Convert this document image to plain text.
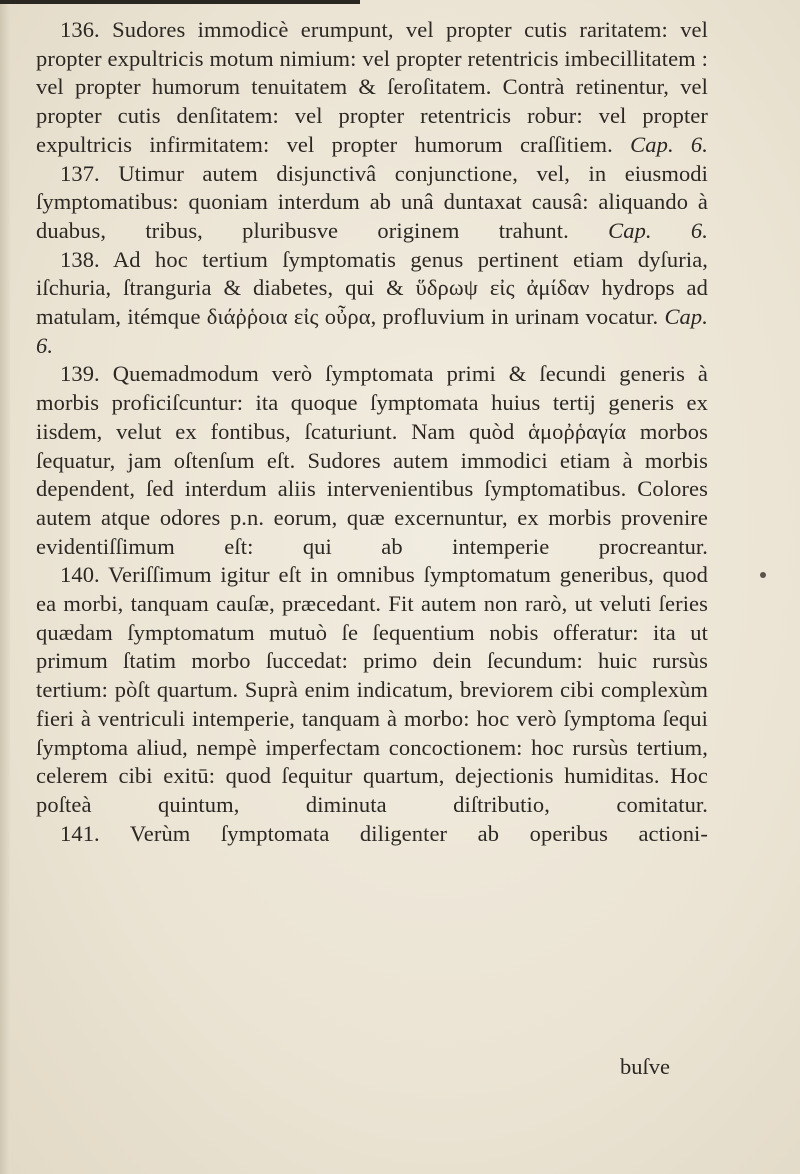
136. Sudores immodicè erumpunt, vel propter cutis raritatem: vel propter expultricis motum nimium: vel propter retentricis imbecillitatem : vel propter humorum tenuitatem & ſeroſitatem. Contrà retinentur, vel propter cutis denſitatem: vel propter retentricis robur: vel propter expultricis infirmitatem: vel propter humorum craſſitiem. Cap. 6.

137. Utimur autem disjunctivâ conjunctione, vel, in eiusmodi ſymptomatibus: quoniam interdum ab unâ duntaxat causâ: aliquando à duabus, tribus, pluribusve originem trahunt. Cap. 6.

138. Ad hoc tertium ſymptomatis genus pertinent etiam dyſuria, iſchuria, ſtranguria & diabetes, qui & ὕδρωψ εἰς ἀμίδαν hydrops ad matulam, itémque διάῤῥοια εἰς οὖρα, profluvium in urinam vocatur. Cap. 6.

139. Quemadmodum verò ſymptomata primi & ſecundi generis à morbis proficiſcuntur: ita quoque ſymptomata huius tertij generis ex iisdem, velut ex fontibus, ſcaturiunt. Nam quòd ἁμοῤῥαγία morbos ſequatur, jam oſtenſum eſt. Sudores autem immodici etiam à morbis dependent, ſed interdum aliis intervenientibus ſymptomatibus. Colores autem atque odores p.n. eorum, quæ excernuntur, ex morbis provenire evidentiſſimum eſt: qui ab intemperie procreantur.

140. Veriſſimum igitur eſt in omnibus ſymptomatum generibus, quod ea morbi, tanquam cauſæ, præcedant. Fit autem non rarò, ut veluti ſeries quædam ſymptomatum mutuò ſe ſequentium nobis offeratur: ita ut primum ſtatim morbo ſuccedat: primo dein ſecundum: huic rursùs tertium: pòſt quartum. Suprà enim indicatum, breviorem cibi complexùm fieri à ventriculi intemperie, tanquam à morbo: hoc verò ſymptoma ſequi ſymptoma aliud, nempè imperfectam concoctionem: hoc rursùs tertium, celerem cibi exitū: quod ſequitur quartum, dejectionis humiditas. Hoc poſteà quintum, diminuta diſtributio, comitatur.

141. Verùm ſymptomata diligenter ab operibus actioni-

buſve
